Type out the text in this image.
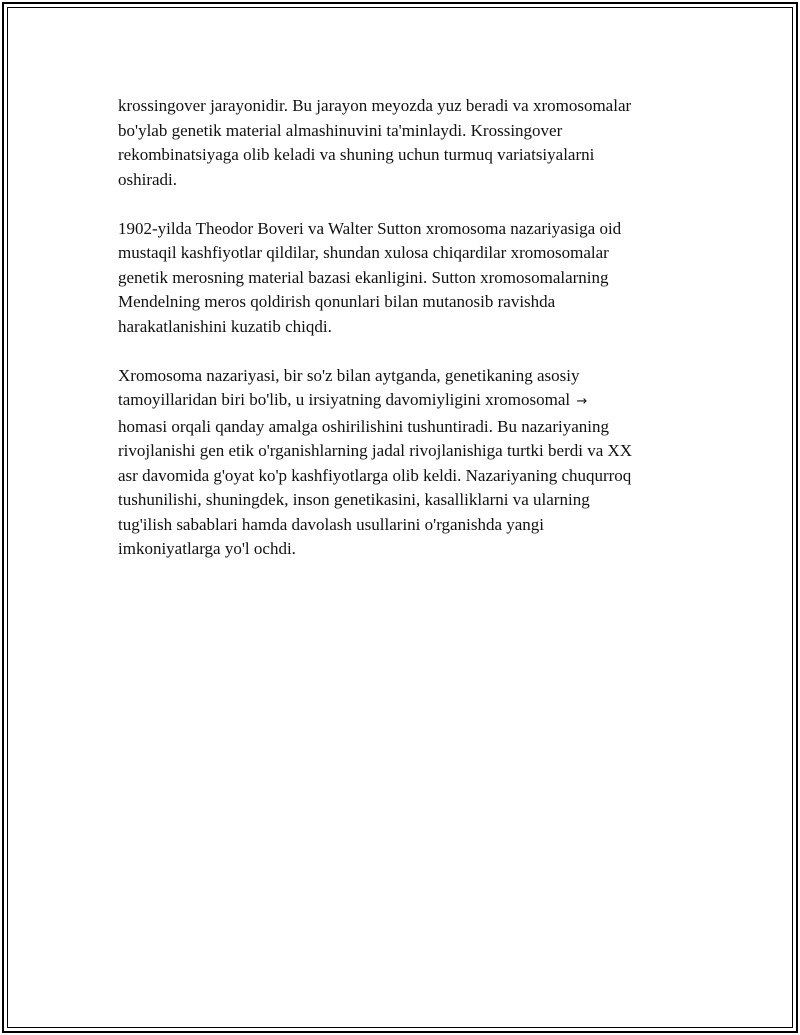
krossingover jarayonidir. Bu jarayon meyozda yuz beradi va xromosomalar
bo'ylab genetik material almashinuvini ta'minlaydi. Krossingover
rekombinatsiyaga olib keladi va shuning uchun turmuq variatsiyalarni
oshiradi.
1902-yilda Theodor Boveri va Walter Sutton xromosoma nazariyasiga oid
mustaqil kashfiyotlar qildilar, shundan xulosa chiqardilar xromosomalar
genetik merosning material bazasi ekanligini. Sutton xromosomalarning
Mendelning meros qoldirish qonunlari bilan mutanosib ravishda
harakatlanishini kuzatib chiqdi.
Xromosoma nazariyasi, bir so'z bilan aytganda, genetikaning asosiy
tamoyillaridan biri bo'lib, u irsiyatning davomiyligini xromosomal →
homasi orqali qanday amalga oshirilishini tushuntiradi. Bu nazariyaning
rivojlanishi gen etik o'rganishlarning jadal rivojlanishiga turtki berdi va XX
asr davomida g'oyat ko'p kashfiyotlarga olib keldi. Nazariyaning chuqurroq
tushunilishi, shuningdek, inson genetikasini, kasalliklarni va ularning
tug'ilish sabablari hamda davolash usullarini o'rganishda yangi
imkoniyatlarga yo'l ochdi.
